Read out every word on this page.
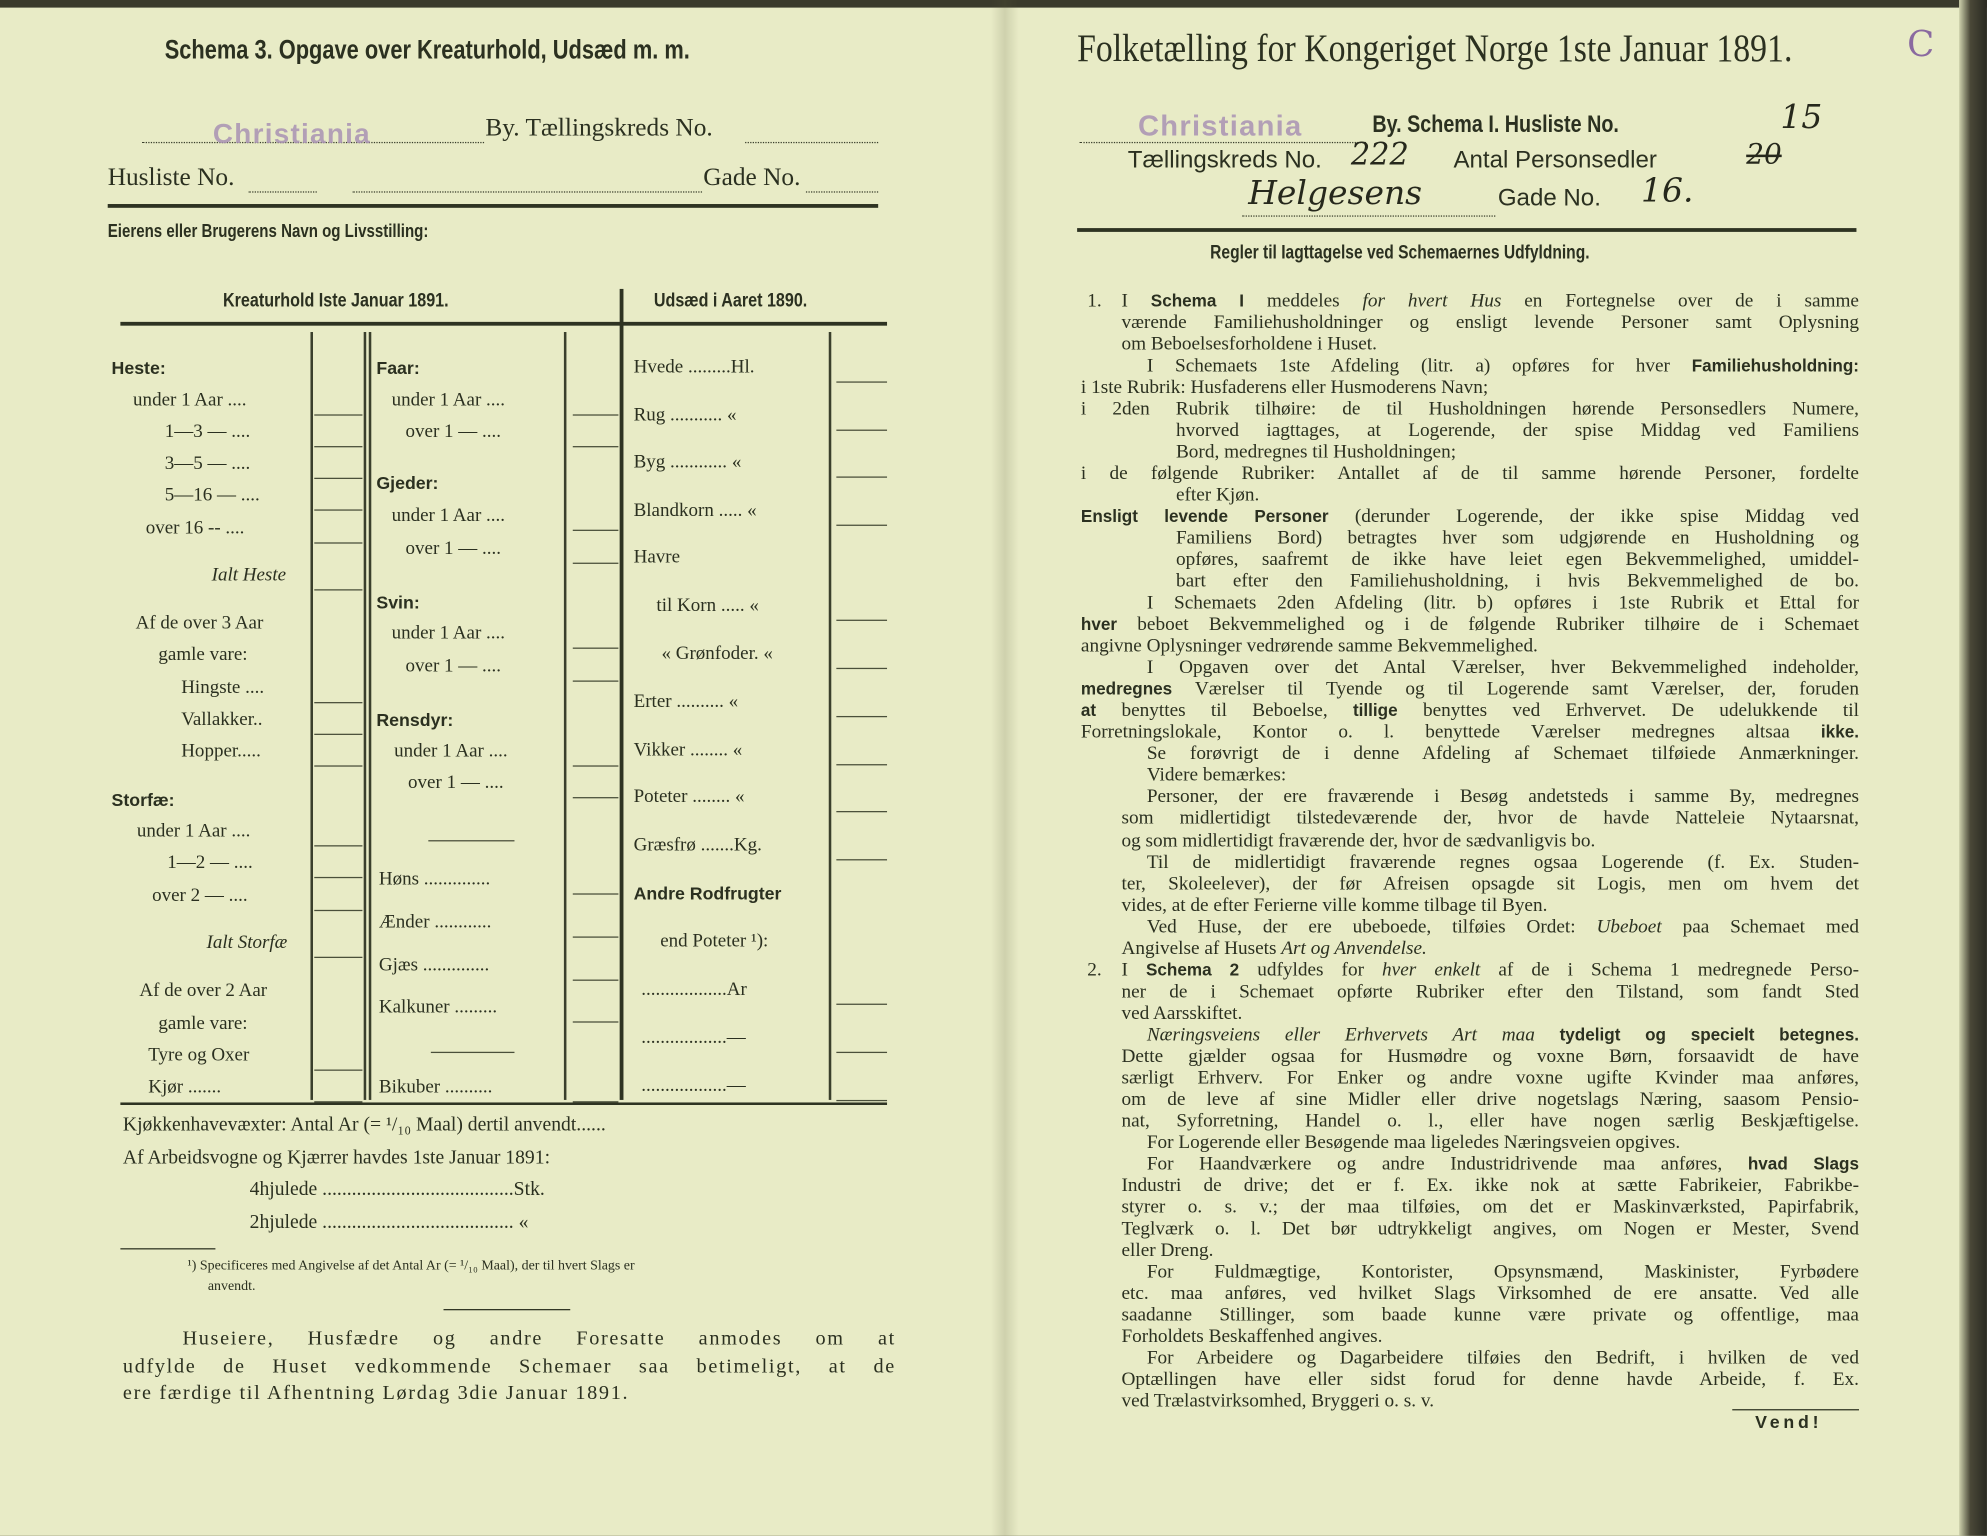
Schema 3. Opgave over Kreaturhold, Udsæd m. m.
Christiania	By. Tællingskreds No.
Husliste No.	Gade No.
Eierens eller Brugerens Navn og Livsstilling:
Kreaturhold Iste Januar 1891.	Udsæd i Aaret 1890.
Heste:
under 1 Aar ....
1—3 — ....
3—5 — ....
5—16 — ....
over 16 -- ....
Ialt Heste
Af de over 3 Aar
gamle vare:
Hingste ....
Vallakker..
Hopper.....
Storfæ:
under 1 Aar ....
1—2 — ....
over 2 — ....
Ialt Storfæ
Af de over 2 Aar
gamle vare:
Tyre og Oxer
Kjør .......
Faar:
under 1 Aar ....
over 1 — ....
Gjeder:
under 1 Aar ....
over 1 — ....
Svin:
under 1 Aar ....
over 1 — ....
Rensdyr:
under 1 Aar ....
over 1 — ....
Høns ..............
Ænder ............
Gjæs ..............
Kalkuner .........
Bikuber ..........
Hvede .........Hl.
Rug ........... «
Byg ............ «
Blandkorn ..... «
Havre
til Korn ..... «
« Grønfoder. «
Erter .......... «
Vikker ........ «
Poteter ........ «
Græsfrø .......Kg.
Andre Rodfrugter
end Poteter ¹):
..................Ar
..................—
..................—
Kjøkkenhavevæxter: Antal Ar (= ¹/₁₀ Maal) dertil anvendt......
Af Arbeidsvogne og Kjærrer havdes 1ste Januar 1891:
4hjulede .......................................Stk.
2hjulede ....................................... «
¹) Specificeres med Angivelse af det Antal Ar (= ¹/₁₀ Maal), der til hvert Slags er
anvendt.
Huseiere, Husfædre og andre Foresatte anmodes om at
udfylde de Huset vedkommende Schemaer saa betimeligt, at de
ere færdige til Afhentning Lørdag 3die Januar 1891.
Folketælling for Kongeriget Norge 1ste Januar 1891.	C
Christiania	By. Schema I. Husliste No.	15
Tællingskreds No. 222 Antal Personsedler	20
Helgesens	Gade No. 16.
Regler til Iagttagelse ved Schemaernes Udfyldning.
1. I Schema I meddeles for hvert Hus en Fortegnelse over de i samme
værende Familiehusholdninger og ensligt levende Personer samt Oplysning
om Beboelsesforholdene i Huset.
I Schemaets 1ste Afdeling (litr. a) opføres for hver Familiehusholdning:
i 1ste Rubrik: Husfaderens eller Husmoderens Navn;
i 2den Rubrik tilhøire: de til Husholdningen hørende Personsedlers Numere,
hvorved iagttages, at Logerende, der spise Middag ved Familiens
Bord, medregnes til Husholdningen;
i de følgende Rubriker: Antallet af de til samme hørende Personer, fordelte
efter Kjøn.
Ensligt levende Personer (derunder Logerende, der ikke spise Middag ved
Familiens Bord) betragtes hver som udgjørende en Husholdning og
opføres, saafremt de ikke have leiet egen Bekvemmelighed, umiddel-
bart efter den Familiehusholdning, i hvis Bekvemmelighed de bo.
I Schemaets 2den Afdeling (litr. b) opføres i 1ste Rubrik et Ettal for
hver beboet Bekvemmelighed og i de følgende Rubriker tilhøire de i Schemaet
angivne Oplysninger vedrørende samme Bekvemmelighed.
I Opgaven over det Antal Værelser, hver Bekvemmelighed indeholder,
medregnes Værelser til Tyende og til Logerende samt Værelser, der, foruden
at benyttes til Beboelse, tillige benyttes ved Erhvervet. De udelukkende til
Forretningslokale, Kontor o. l. benyttede Værelser medregnes altsaa ikke.
Se forøvrigt de i denne Afdeling af Schemaet tilføiede Anmærkninger.
Videre bemærkes:
Personer, der ere fraværende i Besøg andetsteds i samme By, medregnes
som midlertidigt tilstedeværende der, hvor de havde Natteleie Nytaarsnat,
og som midlertidigt fraværende der, hvor de sædvanligvis bo.
Til de midlertidigt fraværende regnes ogsaa Logerende (f. Ex. Studen-
ter, Skoleelever), der før Afreisen opsagde sit Logis, men om hvem det
vides, at de efter Ferierne ville komme tilbage til Byen.
Ved Huse, der ere ubeboede, tilføies Ordet: Ubeboet paa Schemaet med
Angivelse af Husets Art og Anvendelse.
2. I Schema 2 udfyldes for hver enkelt af de i Schema 1 medregnede Perso-
ner de i Schemaet opførte Rubriker efter den Tilstand, som fandt Sted
ved Aarsskiftet.
Næringsveiens eller Erhvervets Art maa tydeligt og specielt betegnes.
Dette gjælder ogsaa for Husmødre og voxne Børn, forsaavidt de have
særligt Erhverv. For Enker og andre voxne ugifte Kvinder maa anføres,
om de leve af sine Midler eller drive nogetslags Næring, saasom Pensio-
nat, Syforretning, Handel o. l., eller have nogen særlig Beskjæftigelse.
For Logerende eller Besøgende maa ligeledes Næringsveien opgives.
For Haandværkere og andre Industridrivende maa anføres, hvad Slags
Industri de drive; det er f. Ex. ikke nok at sætte Fabrikeier, Fabrikbe-
styrer o. s. v.; der maa tilføies, om det er Maskinværksted, Papirfabrik,
Teglværk o. l. Det bør udtrykkeligt angives, om Nogen er Mester, Svend
eller Dreng.
For Fuldmægtige, Kontorister, Opsynsmænd, Maskinister, Fyrbødere
etc. maa anføres, ved hvilket Slags Virksomhed de ere ansatte. Ved alle
saadanne Stillinger, som baade kunne være private og offentlige, maa
Forholdets Beskaffenhed angives.
For Arbeidere og Dagarbeidere tilføies den Bedrift, i hvilken de ved
Optællingen have eller sidst forud for denne havde Arbeide, f. Ex.
ved Trælastvirksomhed, Bryggeri o. s. v.
Vend!
